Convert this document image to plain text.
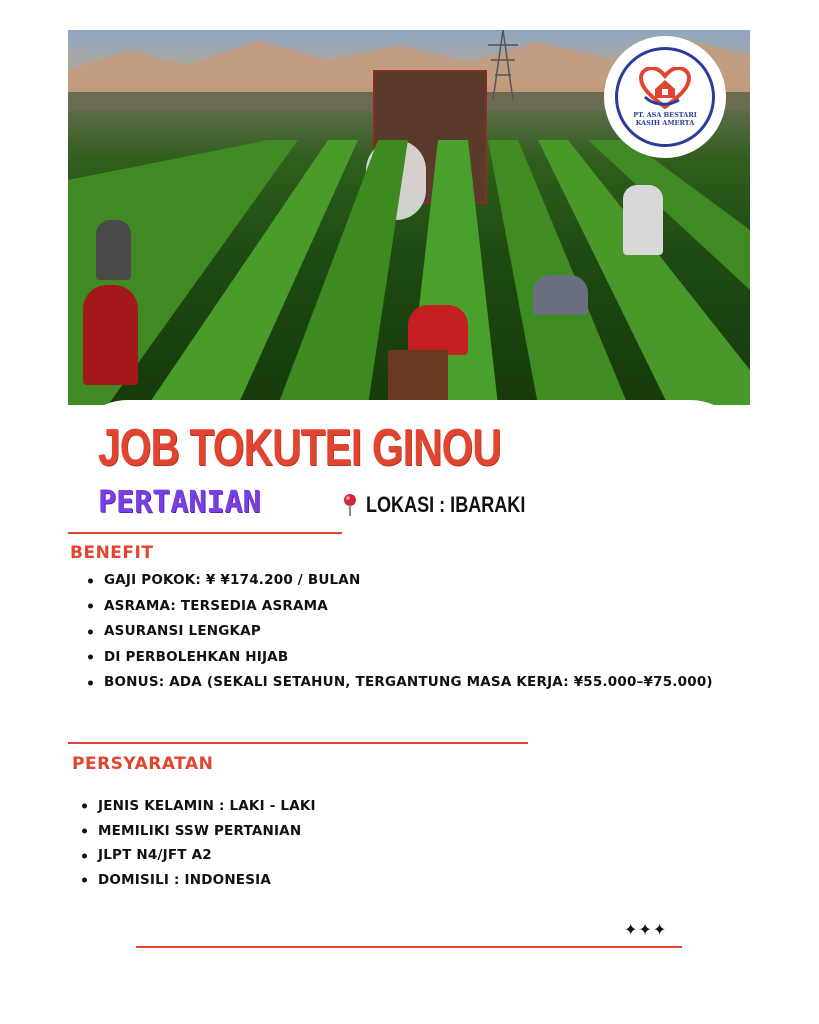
PT. ASA BESTARI
KASIH AMERTA
JOB TOKUTEI GINOU
PERTANIAN	LOKASI : IBARAKI
BENEFIT
GAJI POKOK: ¥ ¥174.200 / BULAN
ASRAMA: TERSEDIA ASRAMA
ASURANSI LENGKAP
DI PERBOLEHKAN HIJAB
BONUS: ADA (SEKALI SETAHUN, TERGANTUNG MASA KERJA: ¥55.000–¥75.000)
PERSYARATAN
JENIS KELAMIN : LAKI - LAKI
MEMILIKI SSW PERTANIAN
JLPT N4/JFT A2
DOMISILI : INDONESIA
✦✦✦
